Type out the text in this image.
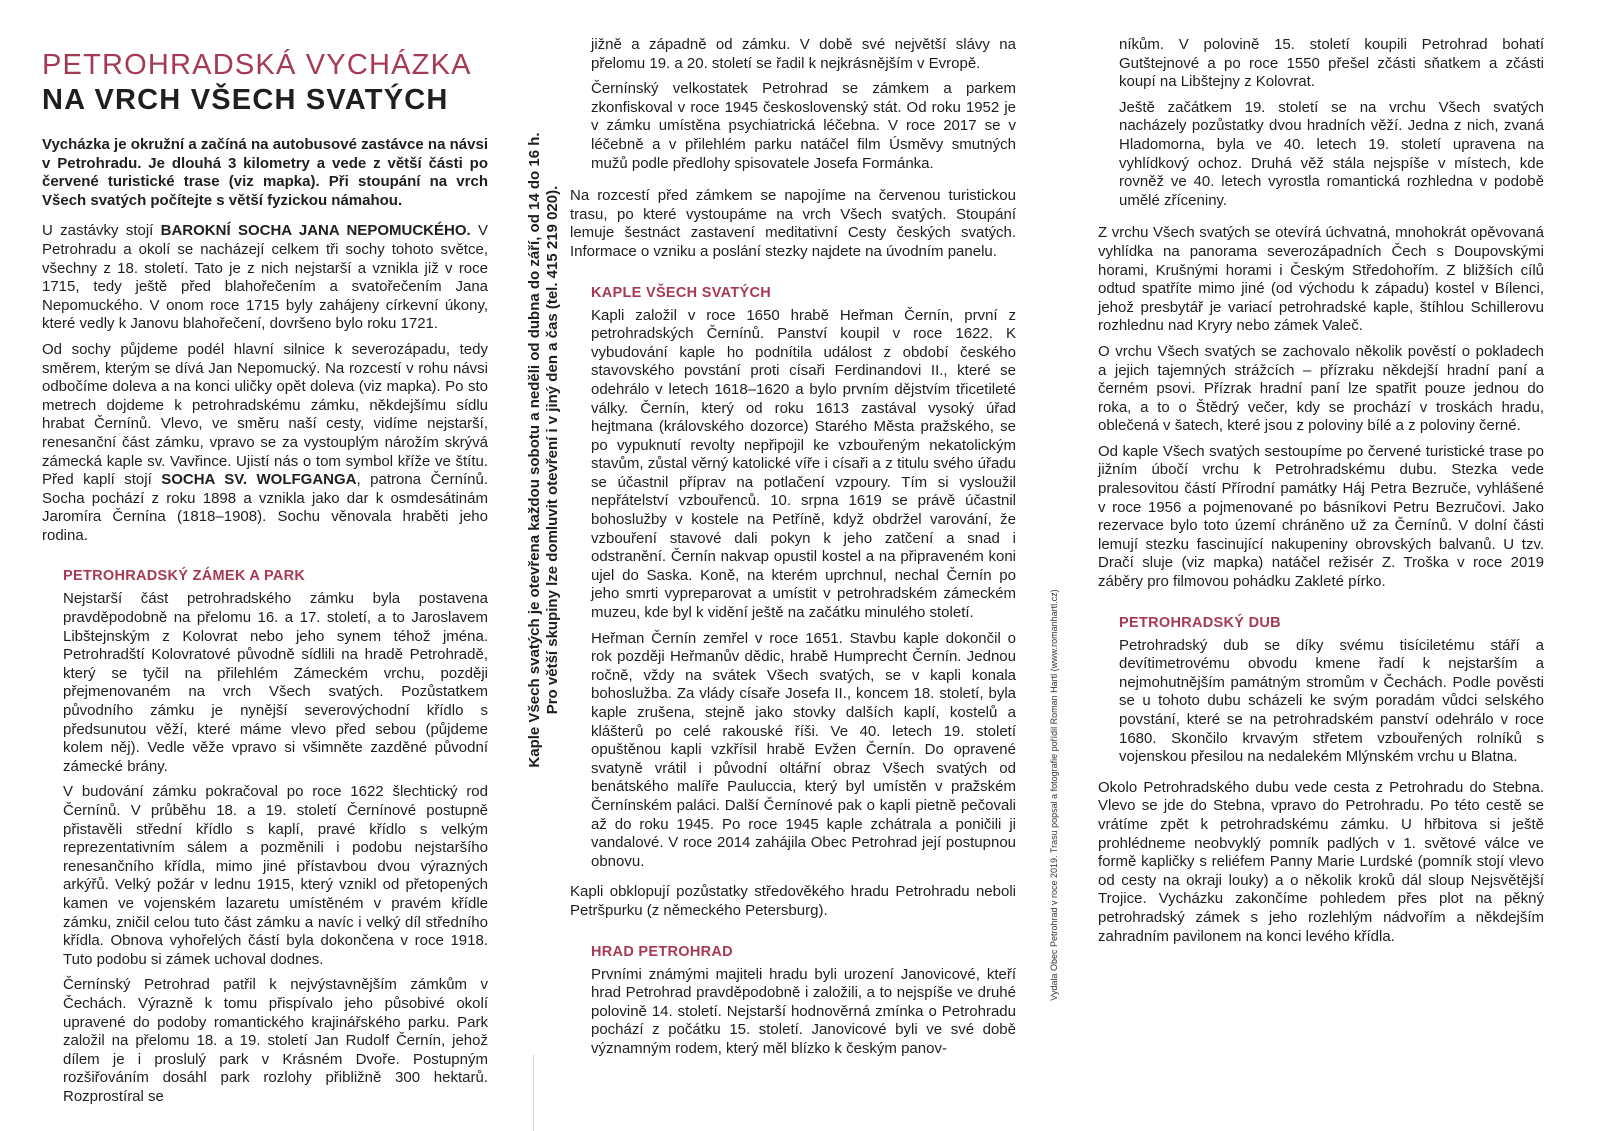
PETROHRADSKÁ VYCHÁZKA
NA VRCH VŠECH SVATÝCH

Vycházka je okružní a začíná na autobusové zastávce na návsi v Petrohradu. Je dlouhá 3 kilometry a vede z větší části po červené turistické trase (viz mapka). Při stoupání na vrch Všech svatých počítejte s větší fyzickou námahou.

U zastávky stojí BAROKNÍ SOCHA JANA NEPOMUCKÉHO. V Petrohradu a okolí se nacházejí celkem tři sochy tohoto světce, všechny z 18. století. Tato je z nich nejstarší a vznikla již v roce 1715, tedy ještě před blahořečením a svatořečením Jana Nepomuckého. V onom roce 1715 byly zahájeny církevní úkony, které vedly k Janovu blahořečení, dovršeno bylo roku 1721.

Od sochy půjdeme podél hlavní silnice k severozápadu, tedy směrem, kterým se dívá Jan Nepomucký. Na rozcestí v rohu návsi odbočíme doleva a na konci uličky opět doleva (viz mapka). Po sto metrech dojdeme k petrohradskému zámku, někdejšímu sídlu hrabat Černínů. Vlevo, ve směru naší cesty, vidíme nejstarší, renesanční část zámku, vpravo se za vystouplým nárožím skrývá zámecká kaple sv. Vavřince. Ujistí nás o tom symbol kříže ve štítu. Před kaplí stojí SOCHA SV. WOLFGANGA, patrona Černínů. Socha pochází z roku 1898 a vznikla jako dar k osmdesátinám Jaromíra Černína (1818–1908). Sochu věnovala hraběti jeho rodina.

PETROHRADSKÝ ZÁMEK A PARK

Nejstarší část petrohradského zámku byla postavena pravděpodobně na přelomu 16. a 17. století, a to Jaroslavem Libštejnským z Kolovrat nebo jeho synem téhož jména. Petrohradští Kolovratové původně sídlili na hradě Petrohradě, který se tyčil na přilehlém Zámeckém vrchu, později přejmenovaném na vrch Všech svatých. Pozůstatkem původního zámku je nynější severovýchodní křídlo s předsunutou věží, které máme vlevo před sebou (půjdeme kolem něj). Vedle věže vpravo si všimněte zazděné původní zámecké brány.

V budování zámku pokračoval po roce 1622 šlechtický rod Černínů. V průběhu 18. a 19. století Černínové postupně přistavěli střední křídlo s kaplí, pravé křídlo s velkým reprezentativním sálem a pozměnili i podobu nejstaršího renesančního křídla, mimo jiné přístavbou dvou výrazných arkýřů. Velký požár v lednu 1915, který vznikl od přetopených kamen ve vojenském lazaretu umístěném v pravém křídle zámku, zničil celou tuto část zámku a navíc i velký díl středního křídla. Obnova vyhořelých částí byla dokončena v roce 1918. Tuto podobu si zámek uchoval dodnes.

Černínský Petrohrad patřil k nejvýstavnějším zámkům v Čechách. Výrazně k tomu přispívalo jeho působivé okolí upravené do podoby romantického krajinářského parku. Park založil na přelomu 18. a 19. století Jan Rudolf Černín, jehož dílem je i proslulý park v Krásném Dvoře. Postupným rozšiřováním dosáhl park rozlohy přibližně 300 hektarů. Rozprostíral se

Kaple Všech svatých je otevřena každou sobotu a neděli od dubna do září, od 14 do 16 h. Pro větší skupiny lze domluvit otevření i v jiný den a čas (tel. 415 219 020).

jižně a západně od zámku. V době své největší slávy na přelomu 19. a 20. století se řadil k nejkrásnějším v Evropě.

Černínský velkostatek Petrohrad se zámkem a parkem zkonfiskoval v roce 1945 československý stát. Od roku 1952 je v zámku umístěna psychiatrická léčebna. V roce 2017 se v léčebně a v přilehlém parku natáčel film Úsměvy smutných mužů podle předlohy spisovatele Josefa Formánka.

Na rozcestí před zámkem se napojíme na červenou turistickou trasu, po které vystoupáme na vrch Všech svatých. Stoupání lemuje šestnáct zastavení meditativní Cesty českých svatých. Informace o vzniku a poslání stezky najdete na úvodním panelu.

KAPLE VŠECH SVATÝCH

Kapli založil v roce 1650 hrabě Heřman Černín, první z petrohradských Černínů. Panství koupil v roce 1622. K vybudování kaple ho podnítila událost z období českého stavovského povstání proti císaři Ferdinandovi II., které se odehrálo v letech 1618–1620 a bylo prvním dějstvím třicetileté války. Černín, který od roku 1613 zastával vysoký úřad hejtmana (královského dozorce) Starého Města pražského, se po vypuknutí revolty nepřipojil ke vzbouřeným nekatolickým stavům, zůstal věrný katolické víře i císaři a z titulu svého úřadu se účastnil příprav na potlačení vzpoury. Tím si vysloužil nepřátelství vzbouřenců. 10. srpna 1619 se právě účastnil bohoslužby v kostele na Petříně, když obdržel varování, že vzbouření stavové dali pokyn k jeho zatčení a snad i odstranění. Černín nakvap opustil kostel a na připraveném koni ujel do Saska. Koně, na kterém uprchnul, nechal Černín po jeho smrti vypreparovat a umístit v petrohradském zámeckém muzeu, kde byl k vidění ještě na začátku minulého století.

Heřman Černín zemřel v roce 1651. Stavbu kaple dokončil o rok později Heřmanův dědic, hrabě Humprecht Černín. Jednou ročně, vždy na svátek Všech svatých, se v kapli konala bohoslužba. Za vlády císaře Josefa II., koncem 18. století, byla kaple zrušena, stejně jako stovky dalších kaplí, kostelů a klášterů po celé rakouské říši. Ve 40. letech 19. století opuštěnou kapli vzkřísil hrabě Evžen Černín. Do opravené svatyně vrátil i původní oltářní obraz Všech svatých od benátského malíře Pauluccia, který byl umístěn v pražském Černínském paláci. Další Černínové pak o kapli pietně pečovali až do roku 1945. Po roce 1945 kaple zchátrala a poničili ji vandalové. V roce 2014 zahájila Obec Petrohrad její postupnou obnovu.

Kapli obklopují pozůstatky středověkého hradu Petrohradu neboli Petršpurku (z německého Petersburg).

HRAD PETROHRAD

Prvními známými majiteli hradu byli urození Janovicové, kteří hrad Petrohrad pravděpodobně i založili, a to nejspíše ve druhé polovině 14. století. Nejstarší hodnověrná zmínka o Petrohradu pochází z počátku 15. století. Janovicové byli ve své době významným rodem, který měl blízko k českým panov-

Vydala Obec Petrohrad v roce 2019. Trasu popsal a fotografie pořídil Roman Hartl (www.romanhartl.cz)

níkům. V polovině 15. století koupili Petrohrad bohatí Gutštejnové a po roce 1550 přešel zčásti sňatkem a zčásti koupí na Libštejny z Kolovrat.

Ještě začátkem 19. století se na vrchu Všech svatých nacházely pozůstatky dvou hradních věží. Jedna z nich, zvaná Hladomorna, byla ve 40. letech 19. století upravena na vyhlídkový ochoz. Druhá věž stála nejspíše v místech, kde rovněž ve 40. letech vyrostla romantická rozhledna v podobě umělé zříceniny.

Z vrchu Všech svatých se otevírá úchvatná, mnohokrát opěvovaná vyhlídka na panorama severozápadních Čech s Doupovskými horami, Krušnými horami i Českým Středohořím. Z bližších cílů odtud spatříte mimo jiné (od východu k západu) kostel v Bílenci, jehož presbytář je variací petrohradské kaple, štíhlou Schillerovu rozhlednu nad Kryry nebo zámek Valeč.

O vrchu Všech svatých se zachovalo několik pověstí o pokladech a jejich tajemných strážcích – přízraku někdejší hradní paní a černém psovi. Přízrak hradní paní lze spatřit pouze jednou do roka, a to o Štědrý večer, kdy se prochází v troskách hradu, oblečená v šatech, které jsou z poloviny bílé a z poloviny černé.

Od kaple Všech svatých sestoupíme po červené turistické trase po jižním úbočí vrchu k Petrohradskému dubu. Stezka vede pralesovitou částí Přírodní památky Háj Petra Bezruče, vyhlášené v roce 1956 a pojmenované po básníkovi Petru Bezručovi. Jako rezervace bylo toto území chráněno už za Černínů. V dolní části lemují stezku fascinující nakupeniny obrovských balvanů. U tzv. Dračí sluje (viz mapka) natáčel režisér Z. Troška v roce 2019 záběry pro filmovou pohádku Zakleté pírko.

PETROHRADSKÝ DUB

Petrohradský dub se díky svému tisíciletému stáří a devítimetrovému obvodu kmene řadí k nejstarším a nejmohutnějším památným stromům v Čechách. Podle pověsti se u tohoto dubu scházeli ke svým poradám vůdci selského povstání, které se na petrohradském panství odehrálo v roce 1680. Skončilo krvavým střetem vzbouřených rolníků s vojenskou přesilou na nedalekém Mlýnském vrchu u Blatna.

Okolo Petrohradského dubu vede cesta z Petrohradu do Stebna. Vlevo se jde do Stebna, vpravo do Petrohradu. Po této cestě se vrátíme zpět k petrohradskému zámku. U hřbitova si ještě prohlédneme neobvyklý pomník padlých v 1. světové válce ve formě kapličky s reliéfem Panny Marie Lurdské (pomník stojí vlevo od cesty na okraji louky) a o několik kroků dál sloup Nejsvětější Trojice. Vycházku zakončíme pohledem přes plot na pěkný petrohradský zámek s jeho rozlehlým nádvořím a někdejším zahradním pavilonem na konci levého křídla.
